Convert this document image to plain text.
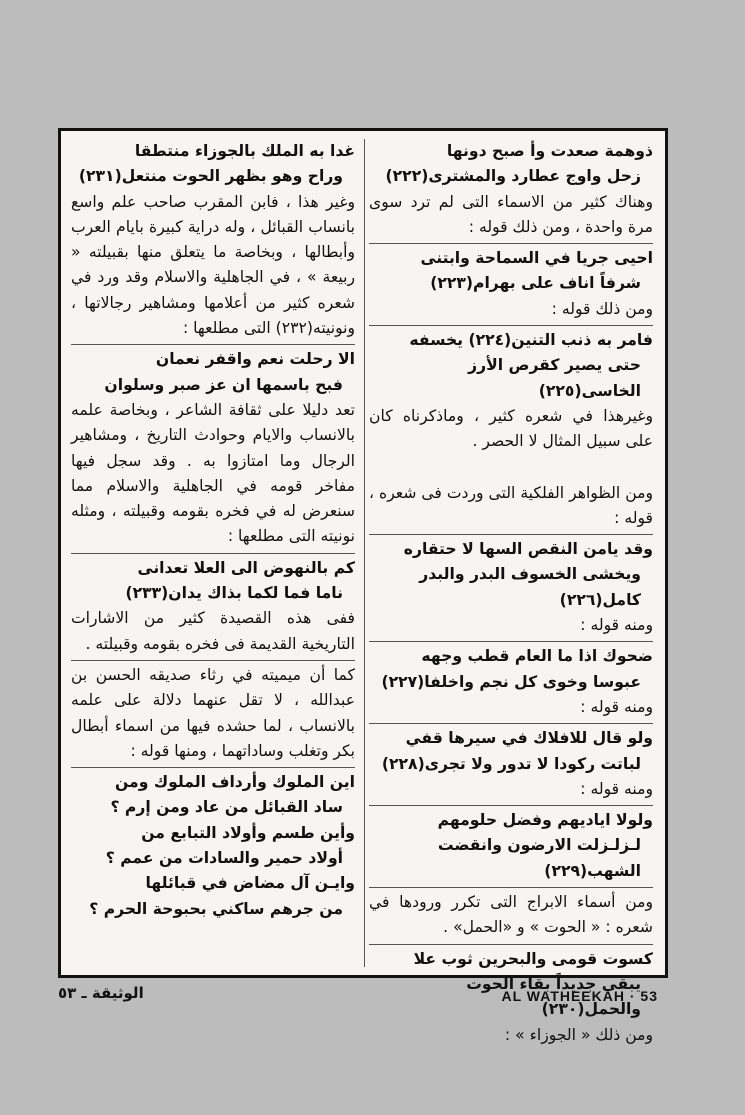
ذوهمة صعدت وأ صبح دونها
زحل واوج عطارد والمشترى(٢٢٢)

وهناك كثير من الاسماء التى لم ترد سوى مرة واحدة ، ومن ذلك قوله :

احيى جريا في السماحة وابتنى
شرفاً اناف على بهرام(٢٢٣)

ومن ذلك قوله :

فامر به ذنب التنين(٢٢٤) يخسفه
حتى يصير كقرص الأرز الخاسى(٢٢٥)

وغيرهذا في شعره كثير ، وماذكرناه كان على سبيل المثال لا الحصر .

ومن الظواهر الفلكية التى وردت فى شعره ، قوله :

وقد يامن النقص السها لا حتقاره
ويخشى الخسوف البدر والبدر كامل(٢٢٦)

ومنه قوله :

ضحوك اذا ما العام قطب وجهه
عبوسا وخوى كل نجم واخلفا(٢٢٧)

ومنه قوله :

ولو قال للافلاك في سيرها قفي
لباتت ركودا لا تدور ولا تجرى(٢٢٨)

ومنه قوله :

ولولا اياديهم وفضل حلومهم
لـزلـزلت الارضون وانقضت الشهب(٢٢٩)

ومن أسماء الابراج التى تكرر ورودها في شعره : « الحوت » و «الحمل» .

كسوت قومى والبحرين ثوب علا
يبقى جديداً بقاء الحوت والحمل(٢٣٠)

ومن ذلك « الجوزاء » :

غدا به الملك بالجوزاء منتطقا
وراح وهو بظهر الحوت منتعل(٢٣١)

وغير هذا ، فابن المقرب صاحب علم واسع بانساب القبائل ، وله دراية كبيرة بايام العرب وأبطالها ، وبخاصة ما يتعلق منها بقبيلته « ربيعة » ، في الجاهلية والاسلام وقد ورد في شعره كثير من أعلامها ومشاهير رجالاتها ، ونونيته(٢٣٢) التى مطلعها :

الا رحلت نعم واقفر نعمان
فبح باسمها ان عز صبر وسلوان

تعد دليلا على ثقافة الشاعر ، وبخاصة علمه بالانساب والايام وحوادث التاريخ ، ومشاهير الرجال وما امتازوا به . وقد سجل فيها مفاخر قومه في الجاهلية والاسلام مما سنعرض له في فخره بقومه وقبيلته ، ومثله نونيته التى مطلعها :

كم بالنهوض الى العلا تعدانى
ناما فما لكما بذاك يدان(٢٣٣)

ففى هذه القصيدة كثير من الاشارات التاريخية القديمة فى فخره بقومه وقبيلته .

كما أن ميميته في رثاء صديقه الحسن بن عبدالله ، لا تقل عنهما دلالة على علمه بالانساب ، لما حشده فيها من اسماء أبطال بكر وتغلب وساداتهما ، ومنها قوله :

اين الملوك وأرداف الملوك ومن
ساد القبائل من عاد ومن إرم ؟
وأين طسم وأولاد التبابع من
أولاد حمير والسادات من عمم ؟
وايـن آل مضاض في قبائلها
من جرهم ساكني بحبوحة الحرم ؟
AL WATHEEKAH · 53
الوثيقة ـ ٥٣
